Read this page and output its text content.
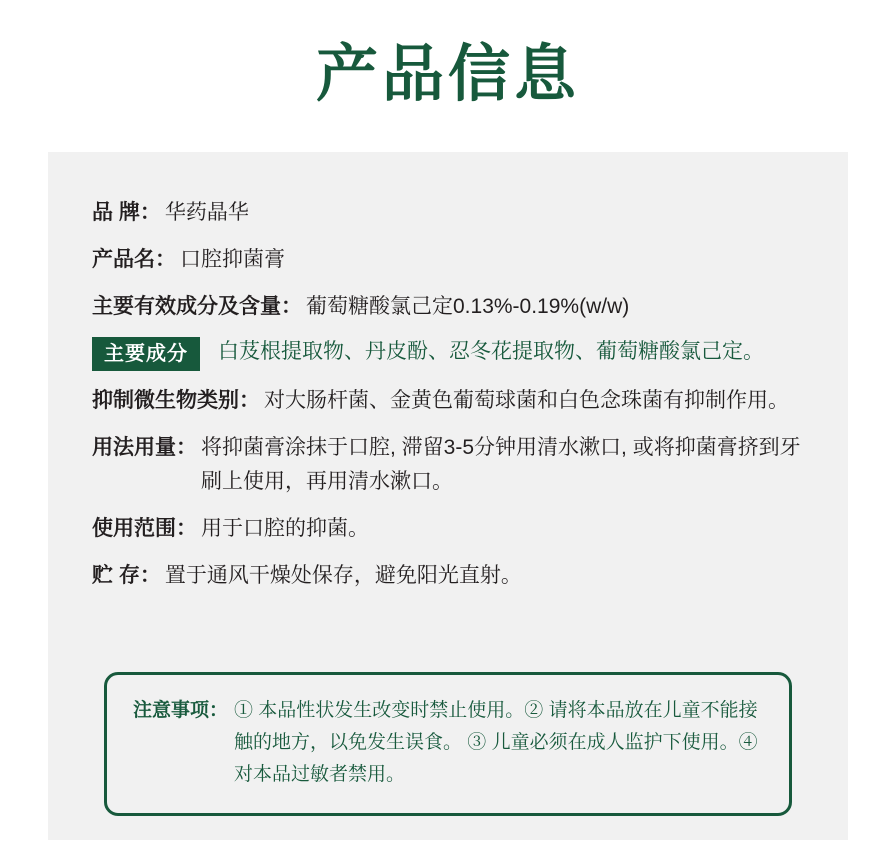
产品信息
品 牌： 华药晶华
产品名： 口腔抑菌膏
主要有效成分及含量： 葡萄糖酸氯己定0.13%-0.19%(w/w)
主要成分	白芨根提取物、丹皮酚、忍冬花提取物、葡萄糖酸氯己定。
抑制微生物类别： 对大肠杆菌、金黄色葡萄球菌和白色念珠菌有抑制作用。
用法用量： 将抑菌膏涂抹于口腔, 滞留3-5分钟用清水漱口, 或将抑菌膏挤到牙刷上使用，再用清水漱口。
使用范围： 用于口腔的抑菌。
贮 存： 置于通风干燥处保存，避免阳光直射。
注意事项： ① 本品性状发生改变时禁止使用。② 请将本品放在儿童不能接触的地方，以免发生误食。 ③ 儿童必须在成人监护下使用。④ 对本品过敏者禁用。
